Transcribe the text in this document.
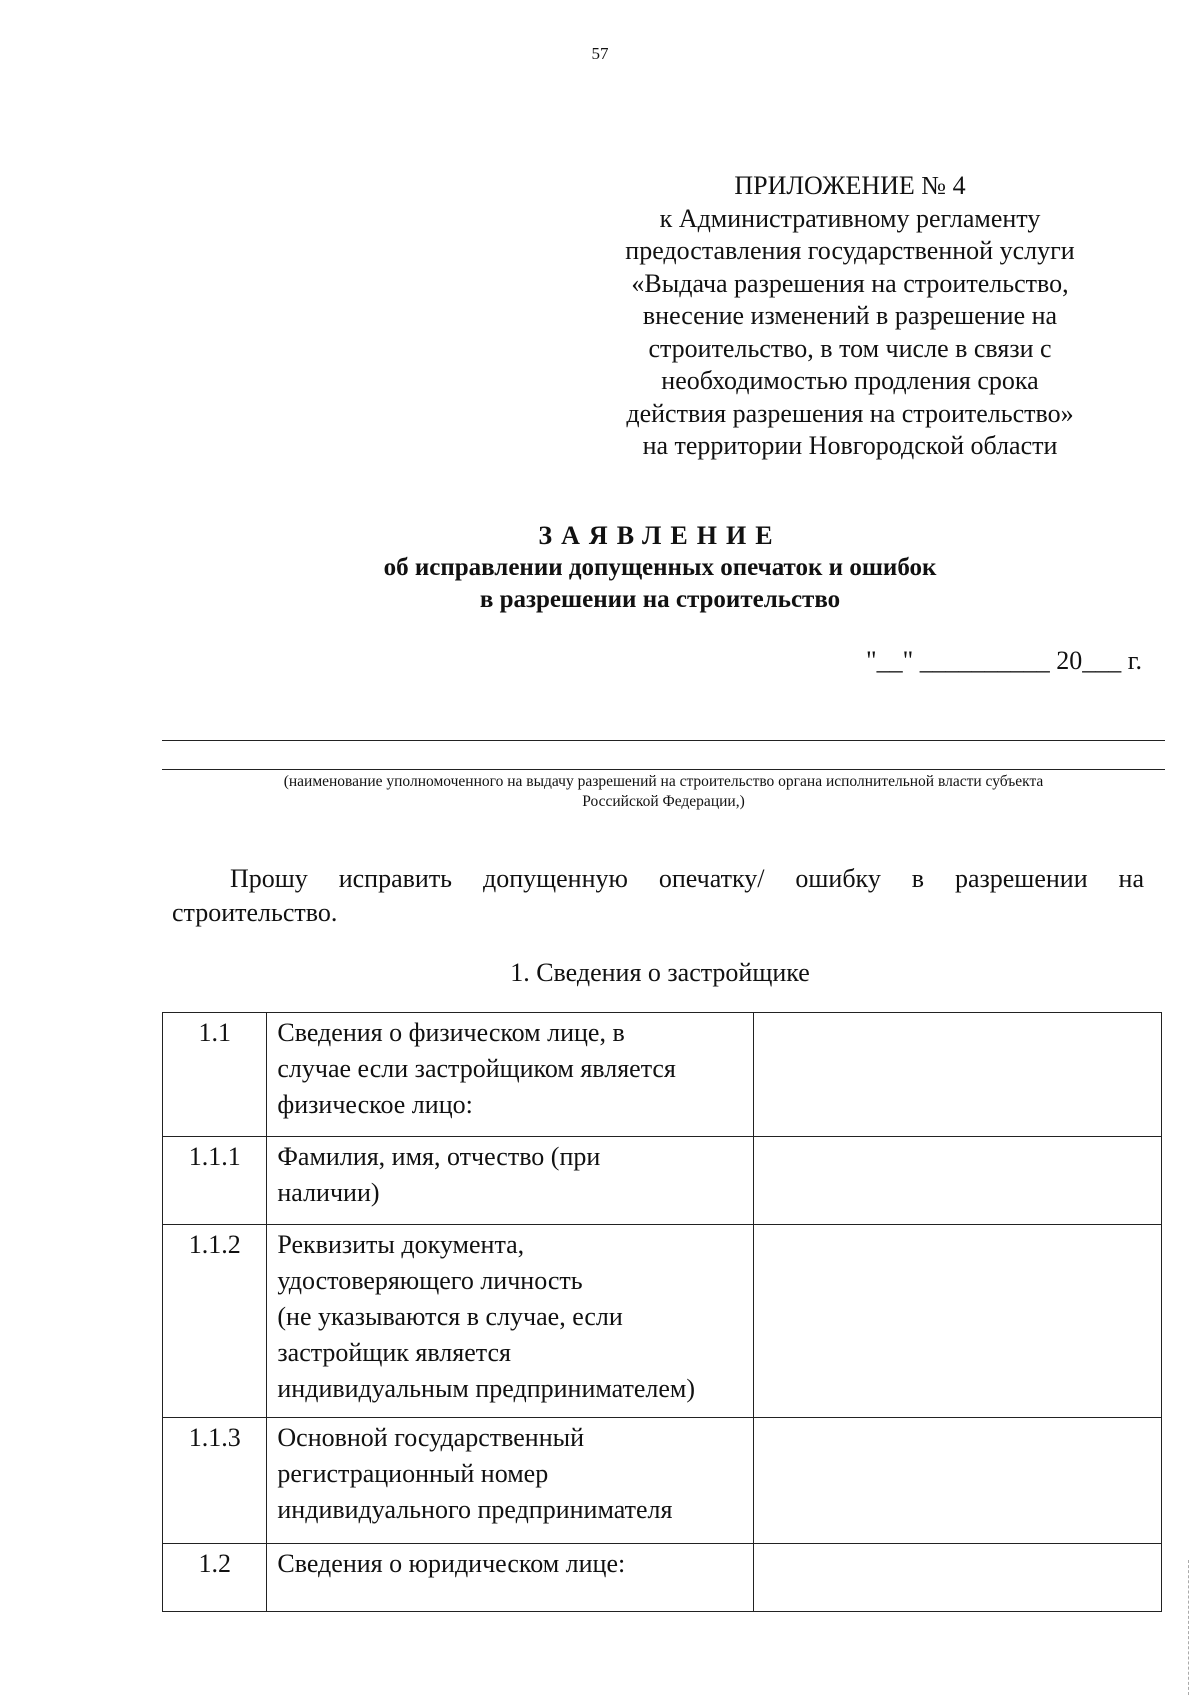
57
ПРИЛОЖЕНИЕ № 4
к Административному регламенту
предоставления государственной услуги
«Выдача разрешения на строительство,
внесение изменений в разрешение на
строительство, в том числе в связи с
необходимостью продления срока
действия разрешения на строительство»
на территории Новгородской области
ЗАЯВЛЕНИЕ
об исправлении допущенных опечаток и ошибок
в разрешении на строительство
"__" __________ 20___ г.
(наименование уполномоченного на выдачу разрешений на строительство органа исполнительной власти субъекта
Российской Федерации,)
Прошу исправить допущенную опечатку/ ошибку в разрешении на
строительство.
1. Сведения о застройщике
1.1	Сведения о физическом лице, в
случае если застройщиком является
физическое лицо:	

1.1.1	Фамилия, имя, отчество (при
наличии)	

1.1.2	Реквизиты документа,
удостоверяющего личность
(не указываются в случае, если
застройщик является
индивидуальным предпринимателем)	

1.1.3	Основной государственный
регистрационный номер
индивидуального предпринимателя	

1.2	Сведения о юридическом лице:	
